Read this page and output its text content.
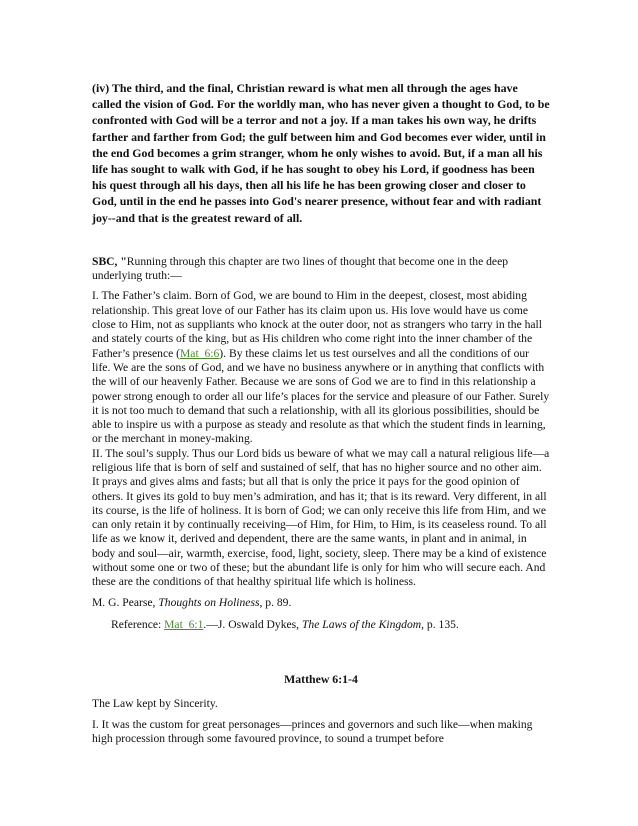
(iv) The third, and the final, Christian reward is what men all through the ages have called the vision of God. For the worldly man, who has never given a thought to God, to be confronted with God will be a terror and not a joy. If a man takes his own way, he drifts farther and farther from God; the gulf between him and God becomes ever wider, until in the end God becomes a grim stranger, whom he only wishes to avoid. But, if a man all his life has sought to walk with God, if he has sought to obey his Lord, if goodness has been his quest through all his days, then all his life he has been growing closer and closer to God, until in the end he passes into God's nearer presence, without fear and with radiant joy--and that is the greatest reward of all.

SBC, "Running through this chapter are two lines of thought that become one in the deep underlying truth:—

I. The Father’s claim. Born of God, we are bound to Him in the deepest, closest, most abiding relationship. This great love of our Father has its claim upon us. His love would have us come close to Him, not as suppliants who knock at the outer door, not as strangers who tarry in the hall and stately courts of the king, but as His children who come right into the inner chamber of the Father’s presence (Mat_6:6). By these claims let us test ourselves and all the conditions of our life. We are the sons of God, and we have no business anywhere or in anything that conflicts with the will of our heavenly Father. Because we are sons of God we are to find in this relationship a power strong enough to order all our life’s places for the service and pleasure of our Father. Surely it is not too much to demand that such a relationship, with all its glorious possibilities, should be able to inspire us with a purpose as steady and resolute as that which the student finds in learning, or the merchant in money-making.

II. The soul’s supply. Thus our Lord bids us beware of what we may call a natural religious life—a religious life that is born of self and sustained of self, that has no higher source and no other aim. It prays and gives alms and fasts; but all that is only the price it pays for the good opinion of others. It gives its gold to buy men’s admiration, and has it; that is its reward. Very different, in all its course, is the life of holiness. It is born of God; we can only receive this life from Him, and we can only retain it by continually receiving—of Him, for Him, to Him, is its ceaseless round. To all life as we know it, derived and dependent, there are the same wants, in plant and in animal, in body and soul—air, warmth, exercise, food, light, society, sleep. There may be a kind of existence without some one or two of these; but the abundant life is only for him who will secure each. And these are the conditions of that healthy spiritual life which is holiness.

M. G. Pearse, Thoughts on Holiness, p. 89.

Reference: Mat_6:1.—J. Oswald Dykes, The Laws of the Kingdom, p. 135.

Matthew 6:1-4

The Law kept by Sincerity.

I. It was the custom for great personages—princes and governors and such like—when making high procession through some favoured province, to sound a trumpet before
